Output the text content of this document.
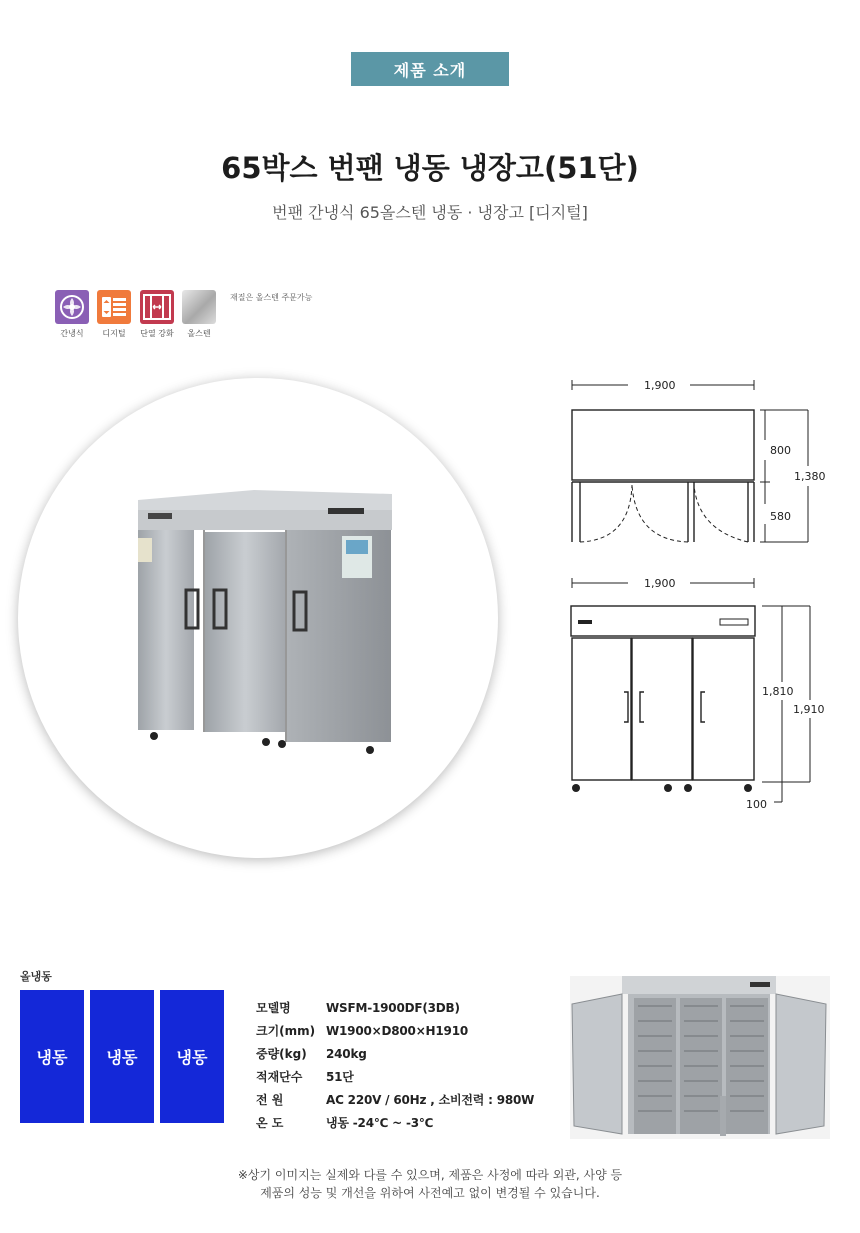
제품 소개
65박스 번팬 냉동 냉장고(51단)
번팬 간냉식 65올스텐 냉동 · 냉장고 [디지털]
간냉식	디지털	단열 강화	올스텐
재질은 올스텐 주문가능
1,900
800
580
1,380
1,900
1,810
1,910
100
올냉동
냉동	냉동	냉동
모델명	WSFM-1900DF(3DB)
크기(mm) W1900×D800×H1910
중량(kg)	240kg
적재단수	51단
전 원	AC 220V / 60Hz , 소비전력 : 980W
온 도	냉동 -24℃ ~ -3℃
※상기 이미지는 실제와 다를 수 있으며, 제품은 사정에 따라 외관, 사양 등
제품의 성능 및 개선을 위하여 사전예고 없이 변경될 수 있습니다.
